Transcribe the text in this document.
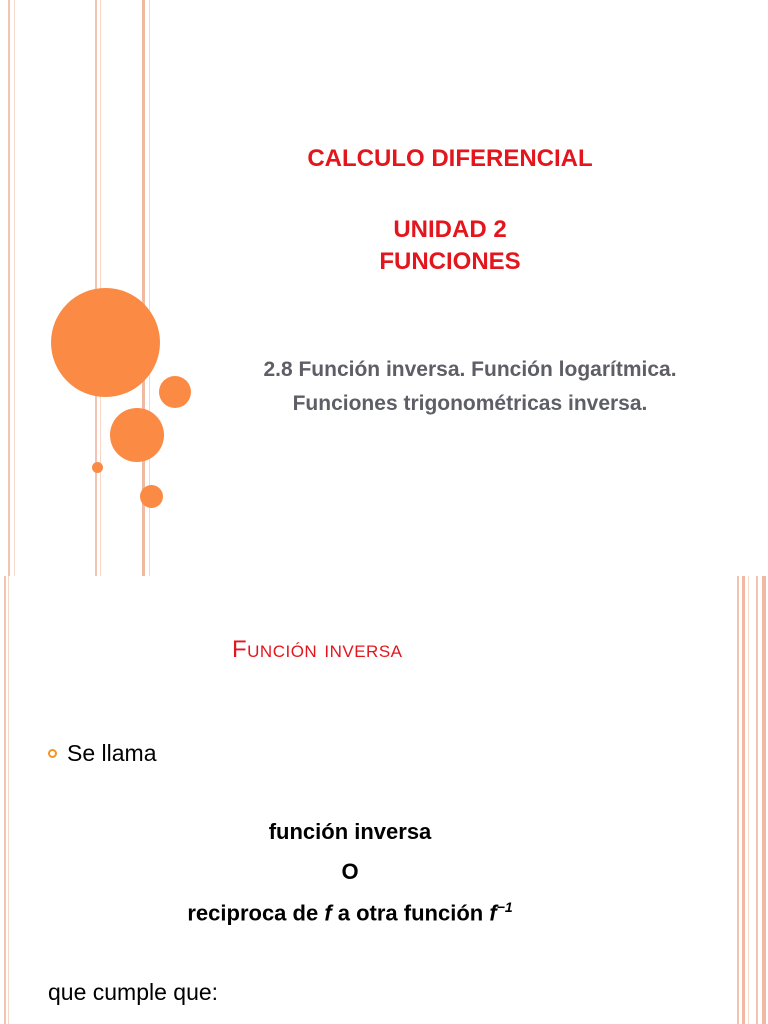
CALCULO DIFERENCIAL
UNIDAD 2
FUNCIONES
2.8 Función inversa. Función logarítmica.
Funciones trigonométricas inversa.
Función inversa
Se llama
función inversa
O
reciproca de f a otra función $f^{-1}$
que cumple que:
